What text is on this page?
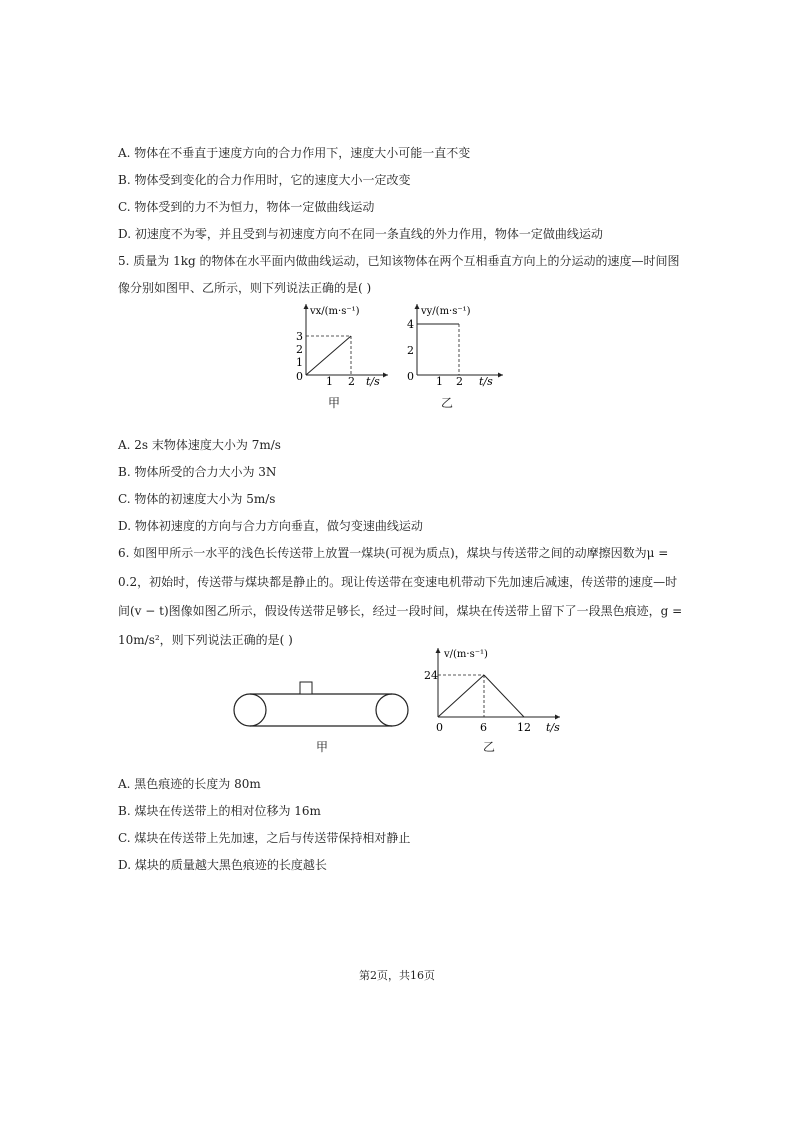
A. 物体在不垂直于速度方向的合力作用下，速度大小可能一直不变
B. 物体受到变化的合力作用时，它的速度大小一定改变
C. 物体受到的力不为恒力，物体一定做曲线运动
D. 初速度不为零，并且受到与初速度方向不在同一条直线的外力作用，物体一定做曲线运动
5. 质量为 1kg 的物体在水平面内做曲线运动，已知该物体在两个互相垂直方向上的分运动的速度—时间图
像分别如图甲、乙所示，则下列说法正确的是( )
vx/(m·s⁻¹)
3
2
1
0 1 2 t/s
甲
vy/(m·s⁻¹)
4
2
0 1 2 t/s
乙
A. 2s 末物体速度大小为 7m/s
B. 物体所受的合力大小为 3N
C. 物体的初速度大小为 5m/s
D. 物体初速度的方向与合力方向垂直，做匀变速曲线运动
6. 如图甲所示一水平的浅色长传送带上放置一煤块(可视为质点)，煤块与传送带之间的动摩擦因数为μ =
0.2，初始时，传送带与煤块都是静止的。现让传送带在变速电机带动下先加速后减速，传送带的速度—时
间(v − t)图像如图乙所示，假设传送带足够长，经过一段时间，煤块在传送带上留下了一段黑色痕迹，g =
10m/s²，则下列说法正确的是( )
甲
v/(m·s⁻¹)
24
0	6	12 t/s
乙
A. 黑色痕迹的长度为 80m
B. 煤块在传送带上的相对位移为 16m
C. 煤块在传送带上先加速，之后与传送带保持相对静止
D. 煤块的质量越大黑色痕迹的长度越长
第2页，共16页
